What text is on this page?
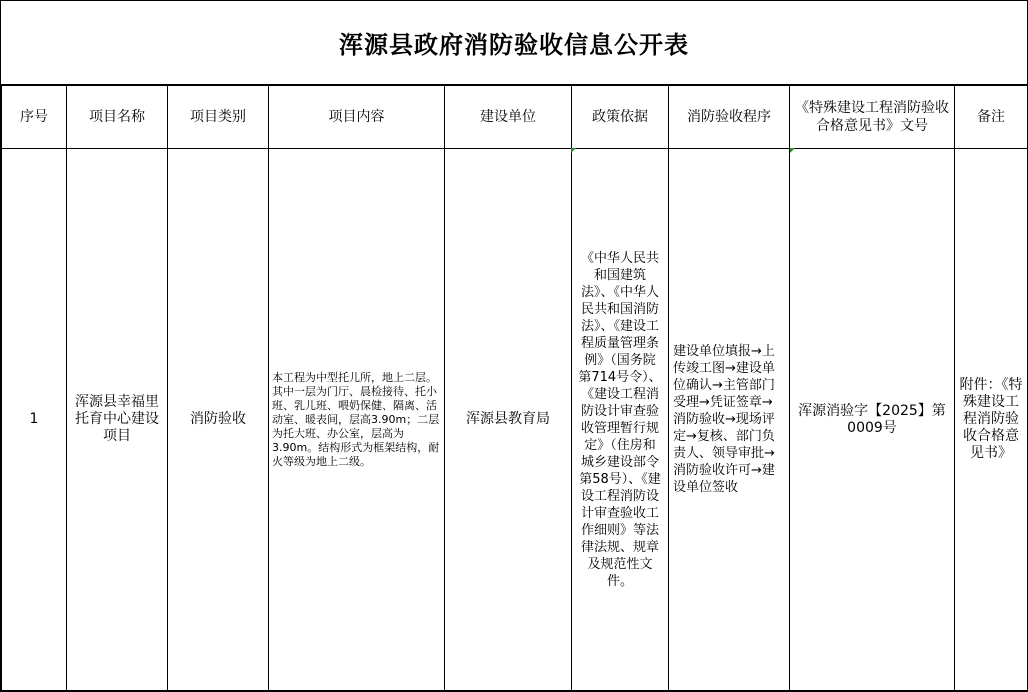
浑源县政府消防验收信息公开表
序号	项目名称	项目类别	项目内容	建设单位	政策依据	消防验收程序	《特殊建设工程消防验收合格意见书》文号	备注
1	浑源县幸福里托育中心建设项目	消防验收	本工程为中型托儿所，地上二层。其中一层为门厅、晨检接待、托小班、乳儿班、喂奶保健、隔离、活动室、暖表间，层高3.90m；二层为托大班、办公室，层高为3.90m。结构形式为框架结构，耐火等级为地上二级。	浑源县教育局	《中华人民共和国建筑法》、《中华人民共和国消防法》、《建设工程质量管理条例》（国务院第714号令）、《建设工程消防设计审查验收管理暂行规定》（住房和城乡建设部令第58号）、《建设工程消防设计审查验收工作细则》等法律法规、规章及规范性文件。	建设单位填报→上传竣工图→建设单位确认→主管部门受理→凭证签章→消防验收→现场评定→复核、部门负责人、领导审批→消防验收许可→建设单位签收	浑源消验字【2025】第0009号	附件：《特殊建设工程消防验收合格意见书》
